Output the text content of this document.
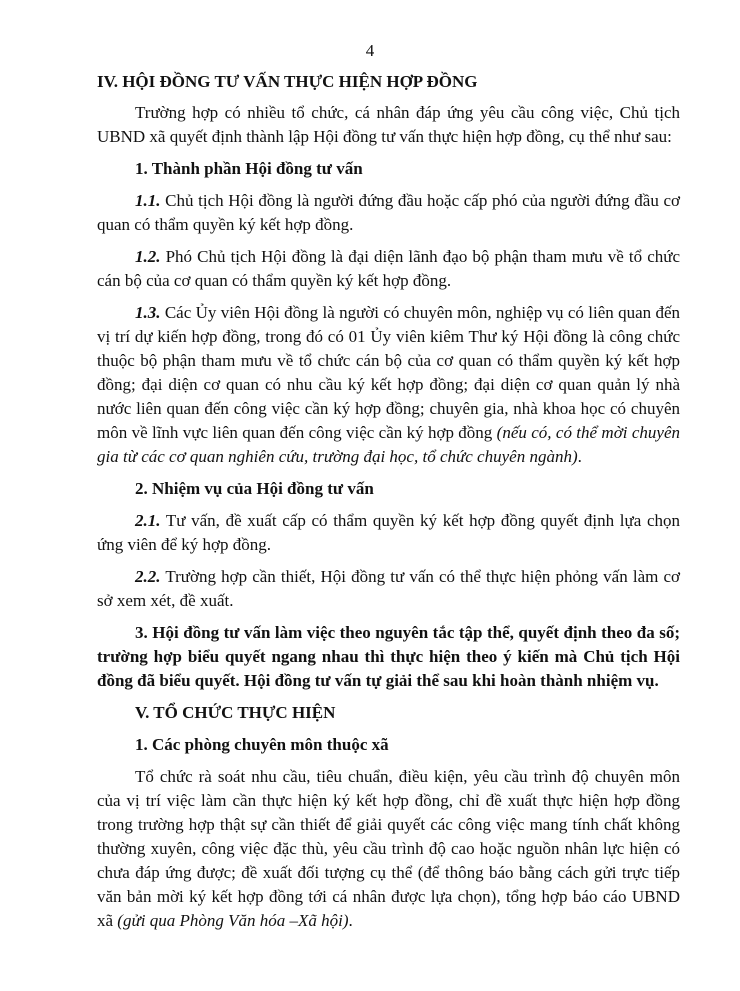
4

IV. HỘI ĐỒNG TƯ VẤN THỰC HIỆN HỢP ĐỒNG

Trường hợp có nhiều tổ chức, cá nhân đáp ứng yêu cầu công việc, Chủ tịch UBND xã quyết định thành lập Hội đồng tư vấn thực hiện hợp đồng, cụ thể như sau:

1. Thành phần Hội đồng tư vấn

1.1. Chủ tịch Hội đồng là người đứng đầu hoặc cấp phó của người đứng đầu cơ quan có thẩm quyền ký kết hợp đồng.

1.2. Phó Chủ tịch Hội đồng là đại diện lãnh đạo bộ phận tham mưu về tổ chức cán bộ của cơ quan có thẩm quyền ký kết hợp đồng.

1.3. Các Ủy viên Hội đồng là người có chuyên môn, nghiệp vụ có liên quan đến vị trí dự kiến hợp đồng, trong đó có 01 Ủy viên kiêm Thư ký Hội đồng là công chức thuộc bộ phận tham mưu về tổ chức cán bộ của cơ quan có thẩm quyền ký kết hợp đồng; đại diện cơ quan có nhu cầu ký kết hợp đồng; đại diện cơ quan quản lý nhà nước liên quan đến công việc cần ký hợp đồng; chuyên gia, nhà khoa học có chuyên môn về lĩnh vực liên quan đến công việc cần ký hợp đồng (nếu có, có thể mời chuyên gia từ các cơ quan nghiên cứu, trường đại học, tổ chức chuyên ngành).

2. Nhiệm vụ của Hội đồng tư vấn

2.1. Tư vấn, đề xuất cấp có thẩm quyền ký kết hợp đồng quyết định lựa chọn ứng viên để ký hợp đồng.

2.2. Trường hợp cần thiết, Hội đồng tư vấn có thể thực hiện phỏng vấn làm cơ sở xem xét, đề xuất.

3. Hội đồng tư vấn làm việc theo nguyên tắc tập thể, quyết định theo đa số; trường hợp biểu quyết ngang nhau thì thực hiện theo ý kiến mà Chủ tịch Hội đồng đã biểu quyết. Hội đồng tư vấn tự giải thể sau khi hoàn thành nhiệm vụ.

V. TỔ CHỨC THỰC HIỆN

1. Các phòng chuyên môn thuộc xã

Tổ chức rà soát nhu cầu, tiêu chuẩn, điều kiện, yêu cầu trình độ chuyên môn của vị trí việc làm cần thực hiện ký kết hợp đồng, chỉ đề xuất thực hiện hợp đồng trong trường hợp thật sự cần thiết để giải quyết các công việc mang tính chất không thường xuyên, công việc đặc thù, yêu cầu trình độ cao hoặc nguồn nhân lực hiện có chưa đáp ứng được; đề xuất đối tượng cụ thể (để thông báo bằng cách gửi trực tiếp văn bản mời ký kết hợp đồng tới cá nhân được lựa chọn), tổng hợp báo cáo UBND xã (gửi qua Phòng Văn hóa –Xã hội).
